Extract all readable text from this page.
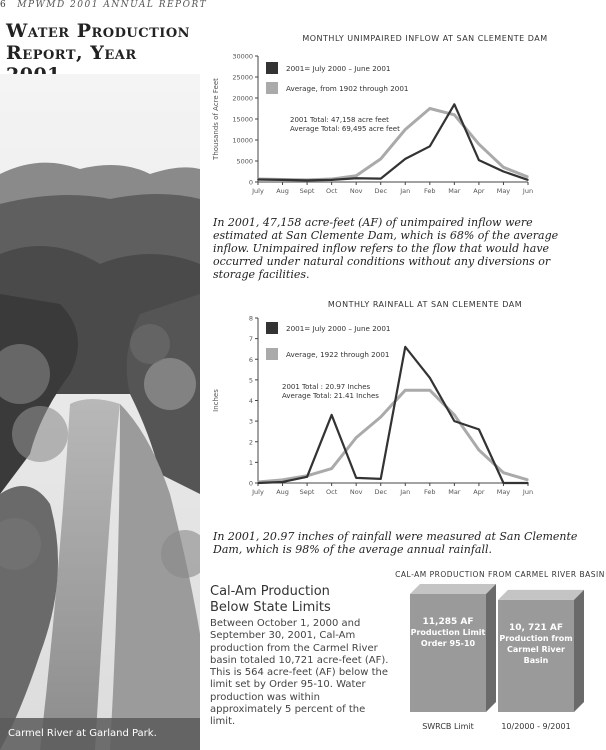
6 MPWMD 2001 ANNUAL REPORT
Water Production
Report, Year
Carmel River at Garland Park.
MONTHLY UNIMPAIRED INFLOW AT SAN CLEMENTE DAM
0
5000
10000
15000
20000
25000
30000
July Aug Sept Oct Nov Dec Jan Feb Mar Apr May Jun
Thousands of Acre Feet
2001= July 2000 – June 2001
Average, from 1902 through 2001
2001 Total: 47,158 acre feet
Average Total: 69,495 acre feet
In 2001, 47,158 acre-feet (AF) of unimpaired inflow were estimated at San Clemente Dam, which is 68% of the average inflow. Unimpaired inflow refers to the flow that would have occurred under natural conditions without any diversions or storage facilities.
MONTHLY RAINFALL AT SAN CLEMENTE DAM
0
1
2
3
4
5
6
7
8
July Aug Sept Oct Nov Dec Jan Feb Mar Apr May Jun
Inches
2001= July 2000 – June 2001
Average, 1922 through 2001
2001 Total : 20.97 Inches
Average Total: 21.41 Inches
In 2001, 20.97 inches of rainfall were measured at San Clemente Dam, which is 98% of the average annual rainfall.
Cal-Am Production
Below State Limits
Between October 1, 2000 and September 30, 2001, Cal-Am production from the Carmel River basin totaled 10,721 acre-feet (AF). This is 564 acre-feet (AF) below the limit set by Order 95-10. Water production was within approximately 5 percent of the limit.
CAL-AM PRODUCTION FROM CARMEL RIVER BASIN
11,285 AF
Production Limit
Order 95-10
SWRCB Limit
10, 721 AF
Production from
Carmel River
Basin
10/2000 - 9/2001
